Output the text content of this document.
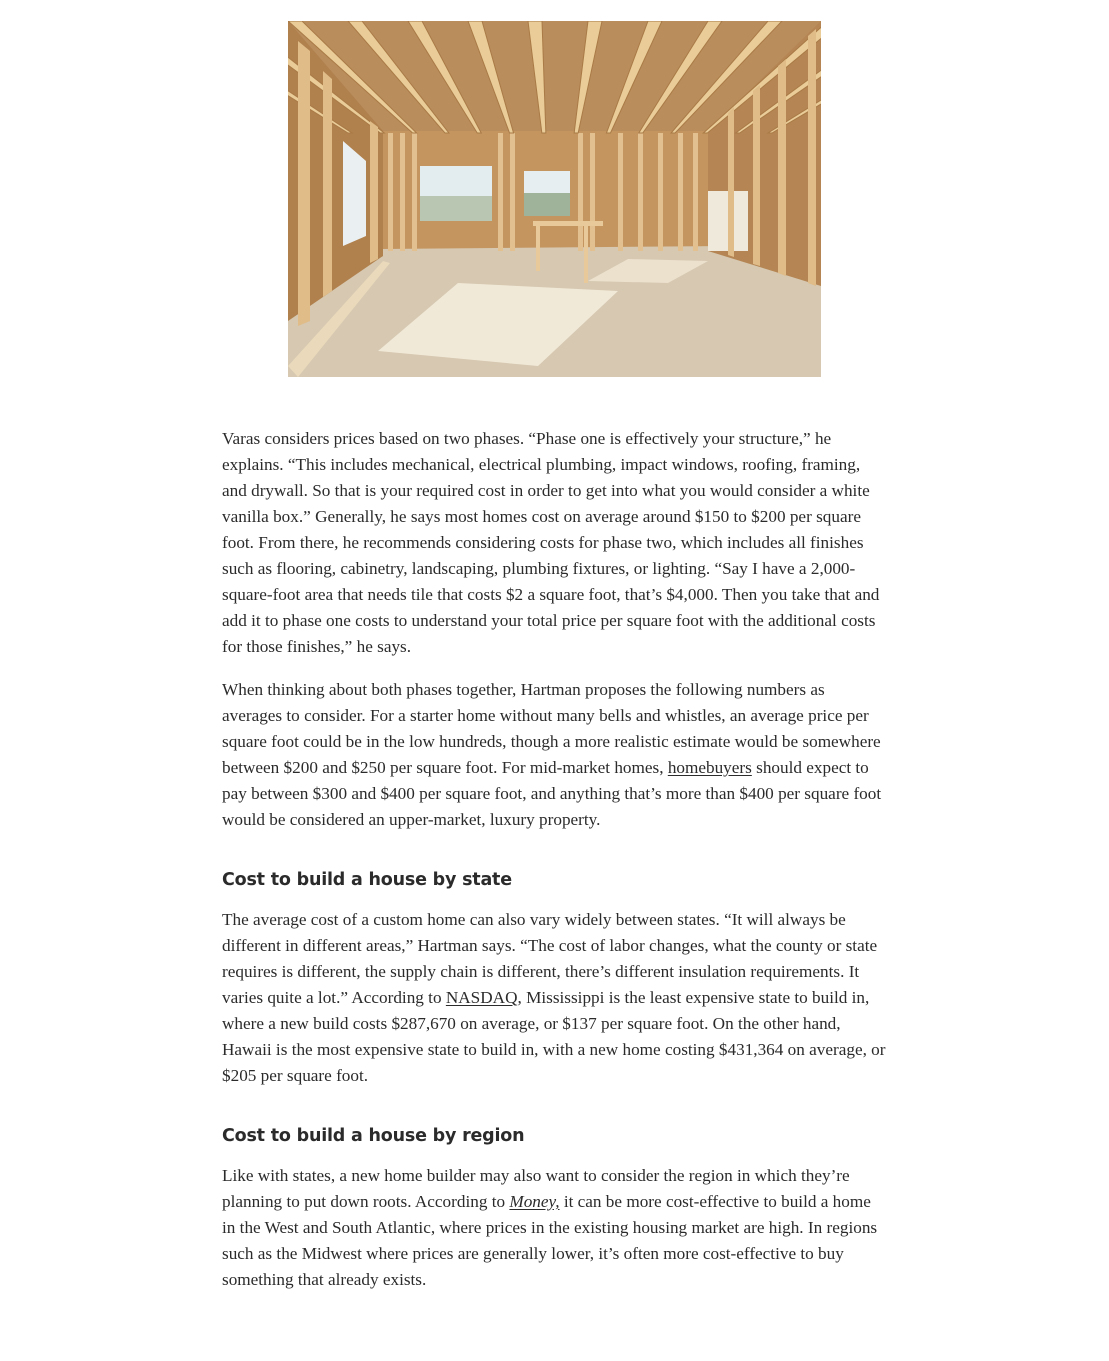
Varas considers prices based on two phases. “Phase one is effectively your structure,” he explains. “This includes mechanical, electrical plumbing, impact windows, roofing, framing, and drywall. So that is your required cost in order to get into what you would consider a white vanilla box.” Generally, he says most homes cost on average around $150 to $200 per square foot. From there, he recommends considering costs for phase two, which includes all finishes such as flooring, cabinetry, landscaping, plumbing fixtures, or lighting. “Say I have a 2,000-square-foot area that needs tile that costs $2 a square foot, that’s $4,000. Then you take that and add it to phase one costs to understand your total price per square foot with the additional costs for those finishes,” he says.

When thinking about both phases together, Hartman proposes the following numbers as averages to consider. For a starter home without many bells and whistles, an average price per square foot could be in the low hundreds, though a more realistic estimate would be somewhere between $200 and $250 per square foot. For mid-market homes, homebuyers should expect to pay between $300 and $400 per square foot, and anything that’s more than $400 per square foot would be considered an upper-market, luxury property.

Cost to build a house by state

The average cost of a custom home can also vary widely between states. “It will always be different in different areas,” Hartman says. “The cost of labor changes, what the county or state requires is different, the supply chain is different, there’s different insulation requirements. It varies quite a lot.” According to NASDAQ, Mississippi is the least expensive state to build in, where a new build costs $287,670 on average, or $137 per square foot. On the other hand, Hawaii is the most expensive state to build in, with a new home costing $431,364 on average, or $205 per square foot.

Cost to build a house by region

Like with states, a new home builder may also want to consider the region in which they’re planning to put down roots. According to Money, it can be more cost-effective to build a home in the West and South Atlantic, where prices in the existing housing market are high. In regions such as the Midwest where prices are generally lower, it’s often more cost-effective to buy something that already exists.
